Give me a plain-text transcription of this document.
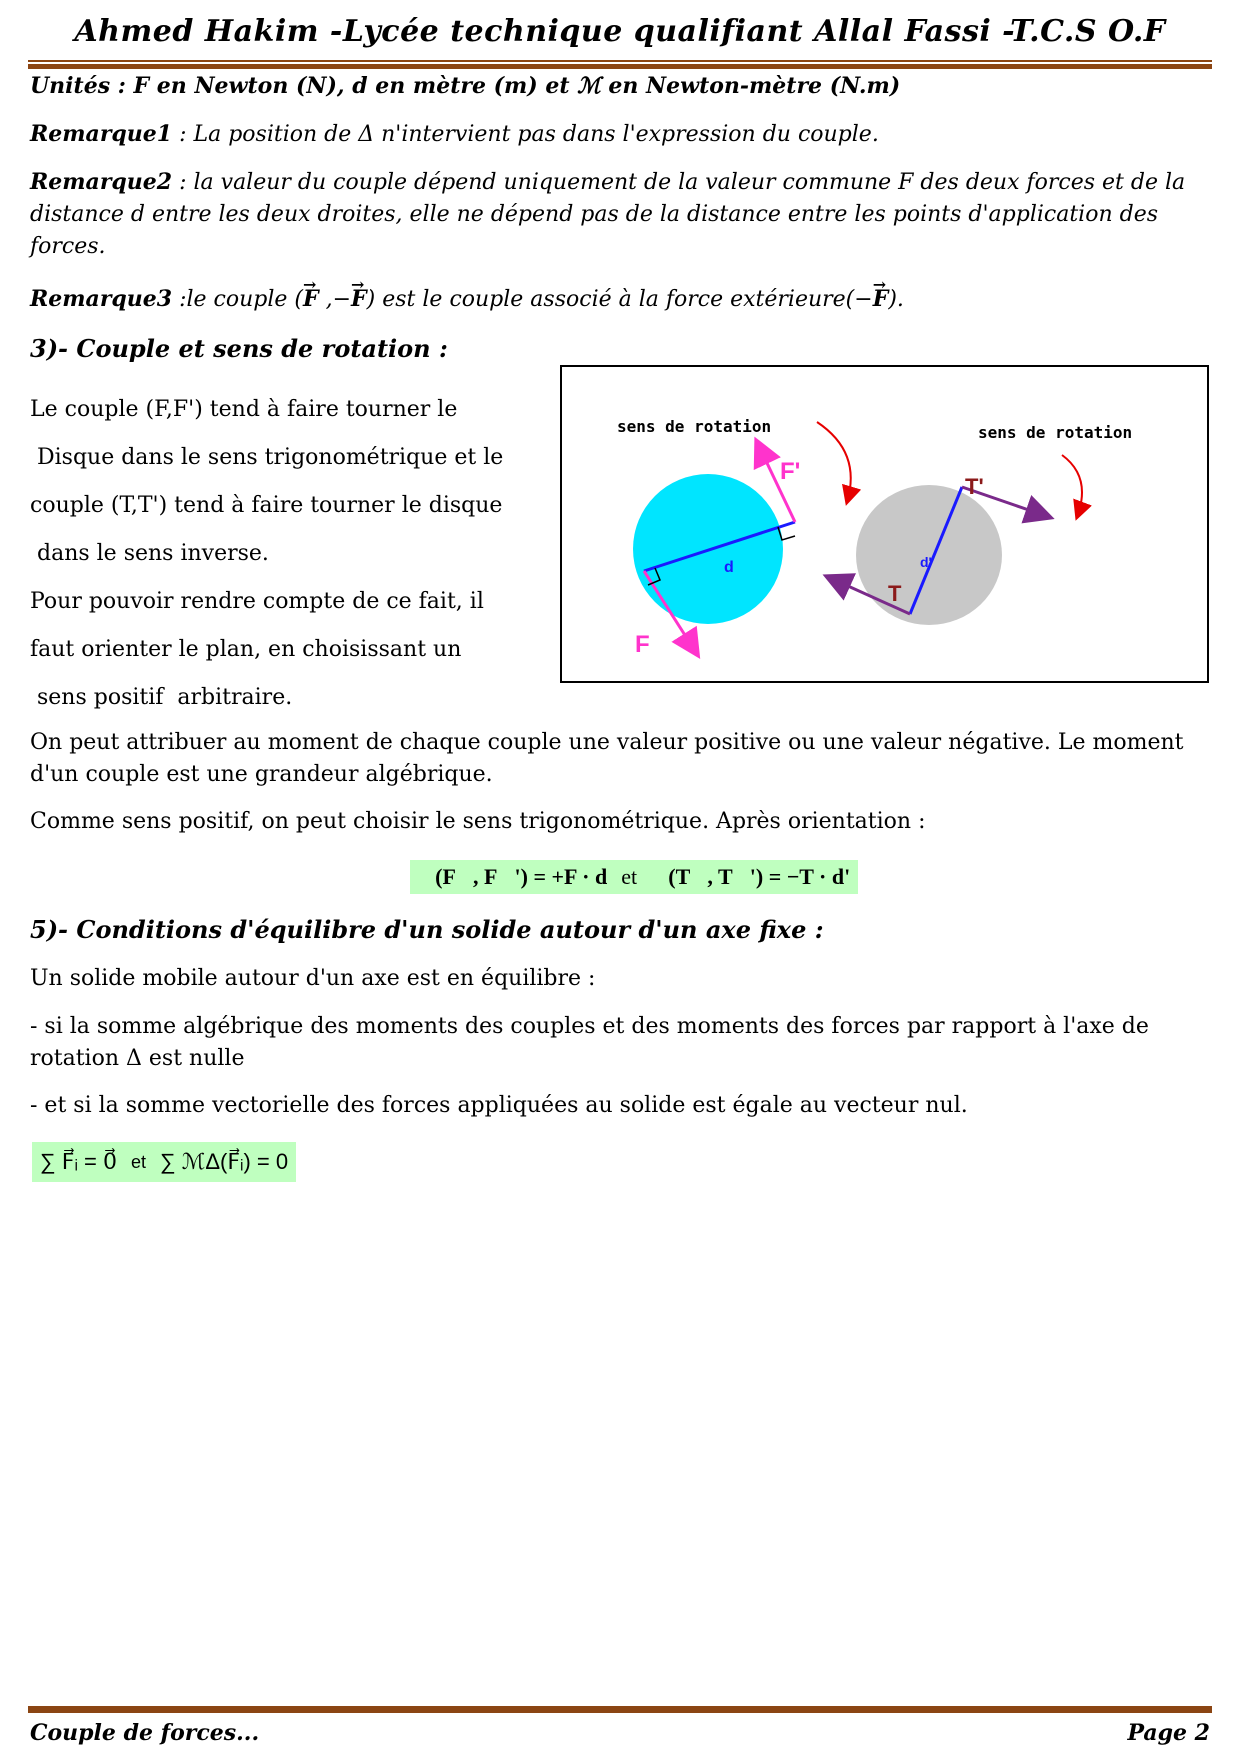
Ahmed Hakim -Lycée technique qualifiant Allal Fassi -T.C.S O.F
Unités : F en Newton (N), d en mètre (m) et ℳ en Newton-mètre (N.m)
Remarque1 : La position de Δ n'intervient pas dans l'expression du couple.
Remarque2 : la valeur du couple dépend uniquement de la valeur commune F des deux forces et de la distance d entre les deux droites, elle ne dépend pas de la distance entre les points d'application des forces.
Remarque3 :le couple (→ F ,−→ F) est le couple associé à la force extérieure(−→ F).
3)- Couple et sens de rotation :
Le couple (F,F') tend à faire tourner le
Disque dans le sens trigonométrique et le
couple (T,T') tend à faire tourner le disque
dans le sens inverse.
Pour pouvoir rendre compte de ce fait, il
faut orienter le plan, en choisissant un
sens positif  arbitraire.
sens de rotation
F'
F
d
sens de rotation
T'
T
d'
On peut attribuer au moment de chaque couple une valeur positive ou une valeur négative. Le moment d'un couple est une grandeur algébrique.
Comme sens positif, on peut choisir le sens trigonométrique. Après orientation :
ℳ(F⃗, F⃗') = +F · d et ℳ(T⃗, T⃗') = −T · d'
5)- Conditions d'équilibre d'un solide autour d'un axe fixe :
Un solide mobile autour d'un axe est en équilibre :
- si la somme algébrique des moments des couples et des moments des forces par rapport à l'axe de rotation Δ est nulle
- et si la somme vectorielle des forces appliquées au solide est égale au vecteur nul.
∑ F⃗ᵢ = 0⃗ et ∑ ℳΔ(F⃗ᵢ) = 0
Couple de forces...	Page 2
